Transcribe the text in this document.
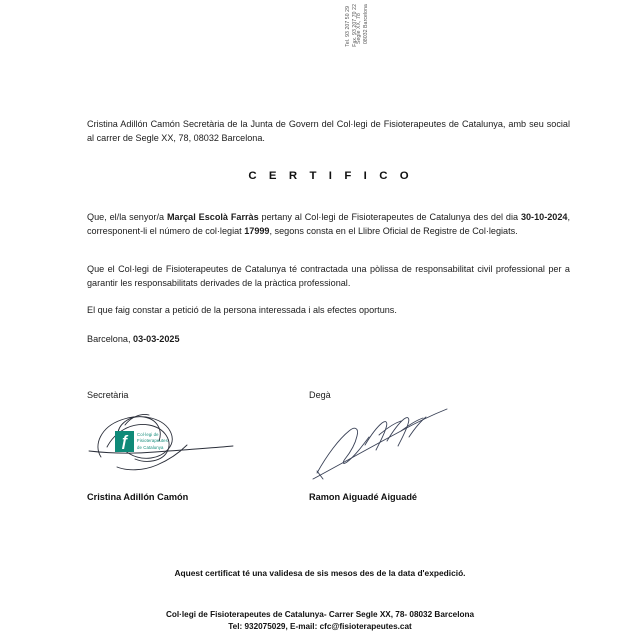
Segle XX, 78 08032 Barcelona
Tel. 93 207 50 29 Fax. 93 207 70 22

Cristina Adillón Camón Secretària de la Junta de Govern del Col·legi de Fisioterapeutes de Catalunya, amb seu social al carrer de Segle XX, 78, 08032 Barcelona.

C E R T I F I C O

Que, el/la senyor/a Marçal Escolà Farràs pertany al Col·legi de Fisioterapeutes de Catalunya des del dia 30-10-2024, corresponent-li el número de col·legiat 17999, segons consta en el Llibre Oficial de Registre de Col·legiats.

Que el Col·legi de Fisioterapeutes de Catalunya té contractada una pòlissa de responsabilitat civil professional per a garantir les responsabilitats derivades de la pràctica professional.

El que faig constar a petició de la persona interessada i als efectes oportuns.

Barcelona, 03-03-2025

Secretària
ƒ	Col·legi de
Fisioterapeutes
de Catalunya
Cristina Adillón Camón
Degà
Ramon Aiguadé Aiguadé
Aquest certificat té una validesa de sis mesos des de la data d'expedició.
Col·legi de Fisioterapeutes de Catalunya- Carrer Segle XX, 78- 08032 Barcelona
Tel: 932075029, E-mail: cfc@fisioterapeutes.cat
